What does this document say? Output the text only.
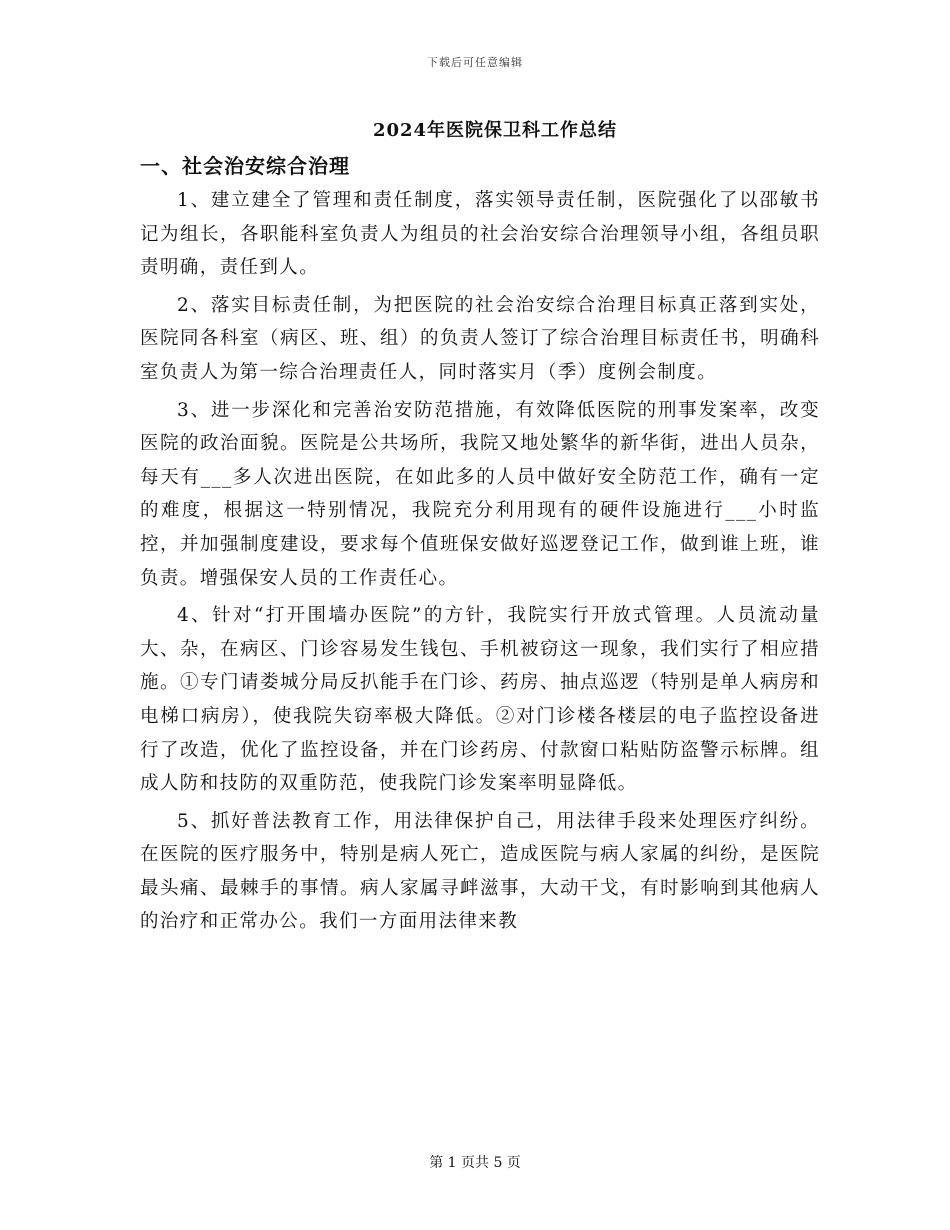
下载后可任意编辑
2024年医院保卫科工作总结
一、社会治安综合治理

1、建立建全了管理和责任制度，落实领导责任制，医院强化了以邵敏书记为组长，各职能科室负责人为组员的社会治安综合治理领导小组，各组员职责明确，责任到人。

2、落实目标责任制，为把医院的社会治安综合治理目标真正落到实处，医院同各科室（病区、班、组）的负责人签订了综合治理目标责任书，明确科室负责人为第一综合治理责任人，同时落实月（季）度例会制度。

3、进一步深化和完善治安防范措施，有效降低医院的刑事发案率，改变医院的政治面貌。医院是公共场所，我院又地处繁华的新华街，进出人员杂，每天有___多人次进出医院，在如此多的人员中做好安全防范工作，确有一定的难度，根据这一特别情况，我院充分利用现有的硬件设施进行___小时监控，并加强制度建设，要求每个值班保安做好巡逻登记工作，做到谁上班，谁负责。增强保安人员的工作责任心。

4、针对“打开围墙办医院”的方针，我院实行开放式管理。人员流动量大、杂，在病区、门诊容易发生钱包、手机被窃这一现象，我们实行了相应措施。①专门请娄城分局反扒能手在门诊、药房、抽点巡逻（特别是单人病房和电梯口病房），使我院失窃率极大降低。②对门诊楼各楼层的电子监控设备进行了改造，优化了监控设备，并在门诊药房、付款窗口粘贴防盗警示标牌。组成人防和技防的双重防范，使我院门诊发案率明显降低。

5、抓好普法教育工作，用法律保护自己，用法律手段来处理医疗纠纷。在医院的医疗服务中，特别是病人死亡，造成医院与病人家属的纠纷，是医院最头痛、最棘手的事情。病人家属寻衅滋事，大动干戈，有时影响到其他病人的治疗和正常办公。我们一方面用法律来教

第 1 页共 5 页
